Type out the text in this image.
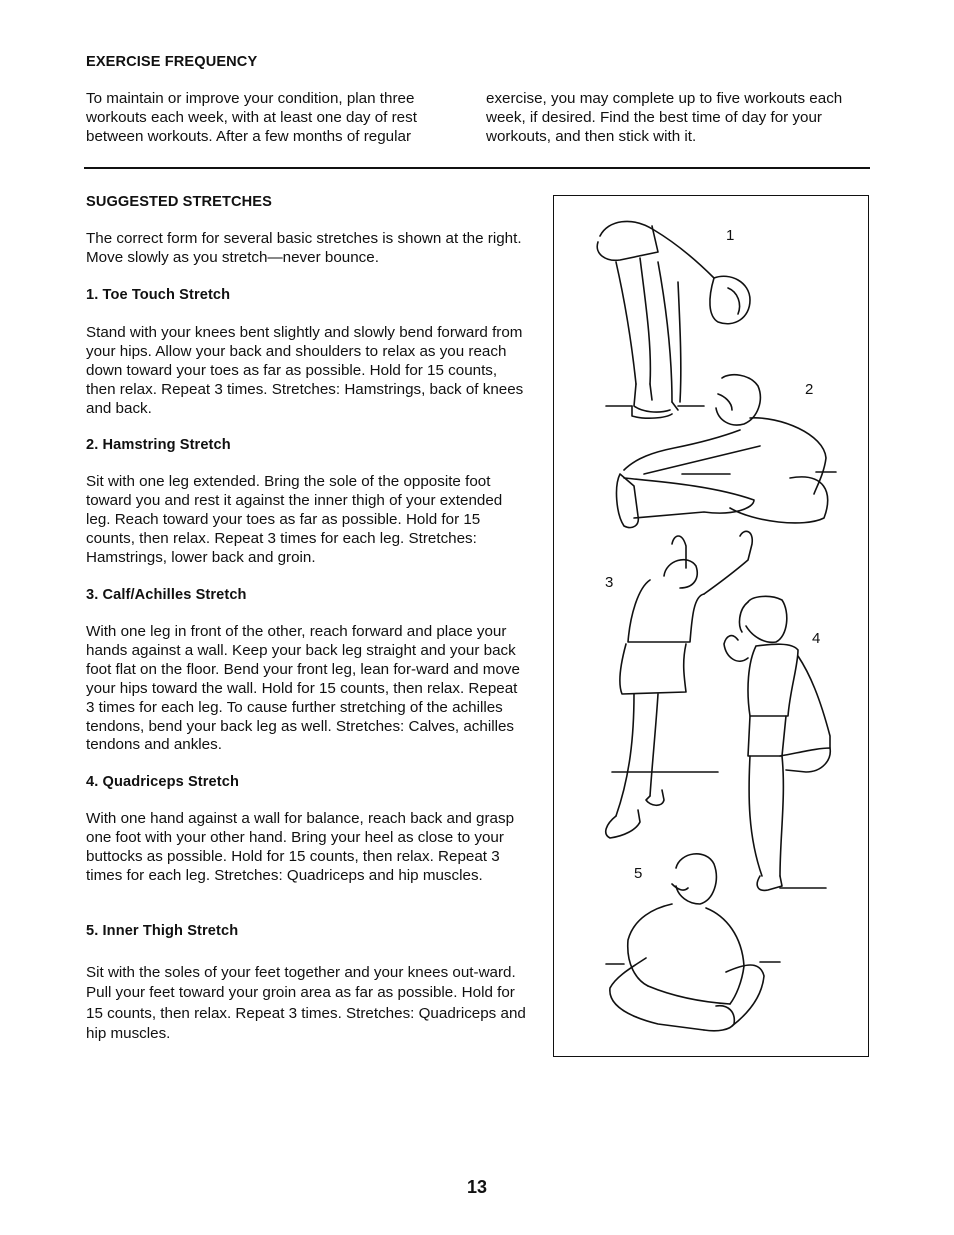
EXERCISE FREQUENCY

To maintain or improve your condition, plan three workouts each week, with at least one day of rest between workouts. After a few months of regular

exercise, you may complete up to five workouts each week, if desired. Find the best time of day for your workouts, and then stick with it.

SUGGESTED STRETCHES

The correct form for several basic stretches is shown at the right. Move slowly as you stretch—never bounce.

1. Toe Touch Stretch

Stand with your knees bent slightly and slowly bend forward from your hips. Allow your back and shoulders to relax as you reach down toward your toes as far as possible. Hold for 15 counts, then relax. Repeat 3 times. Stretches: Hamstrings, back of knees and back.

2. Hamstring Stretch

Sit with one leg extended. Bring the sole of the opposite foot toward you and rest it against the inner thigh of your extended leg. Reach toward your toes as far as possible. Hold for 15 counts, then relax. Repeat 3 times for each leg. Stretches: Hamstrings, lower back and groin.

3. Calf/Achilles Stretch

With one leg in front of the other, reach forward and place your hands against a wall. Keep your back leg straight and your back foot flat on the floor. Bend your front leg, lean for-ward and move your hips toward the wall. Hold for 15 counts, then relax. Repeat 3 times for each leg. To cause further stretching of the achilles tendons, bend your back leg as well. Stretches: Calves, achilles tendons and ankles.

4. Quadriceps Stretch

With one hand against a wall for balance, reach back and grasp one foot with your other hand. Bring your heel as close to your buttocks as possible. Hold for 15 counts, then relax. Repeat 3 times for each leg. Stretches: Quadriceps and hip muscles.

5. Inner Thigh Stretch

Sit with the soles of your feet together and your knees out-ward. Pull your feet toward your groin area as far as possible. Hold for 15 counts, then relax. Repeat 3 times. Stretches: Quadriceps and hip muscles.

1
2
3
4
5
13
